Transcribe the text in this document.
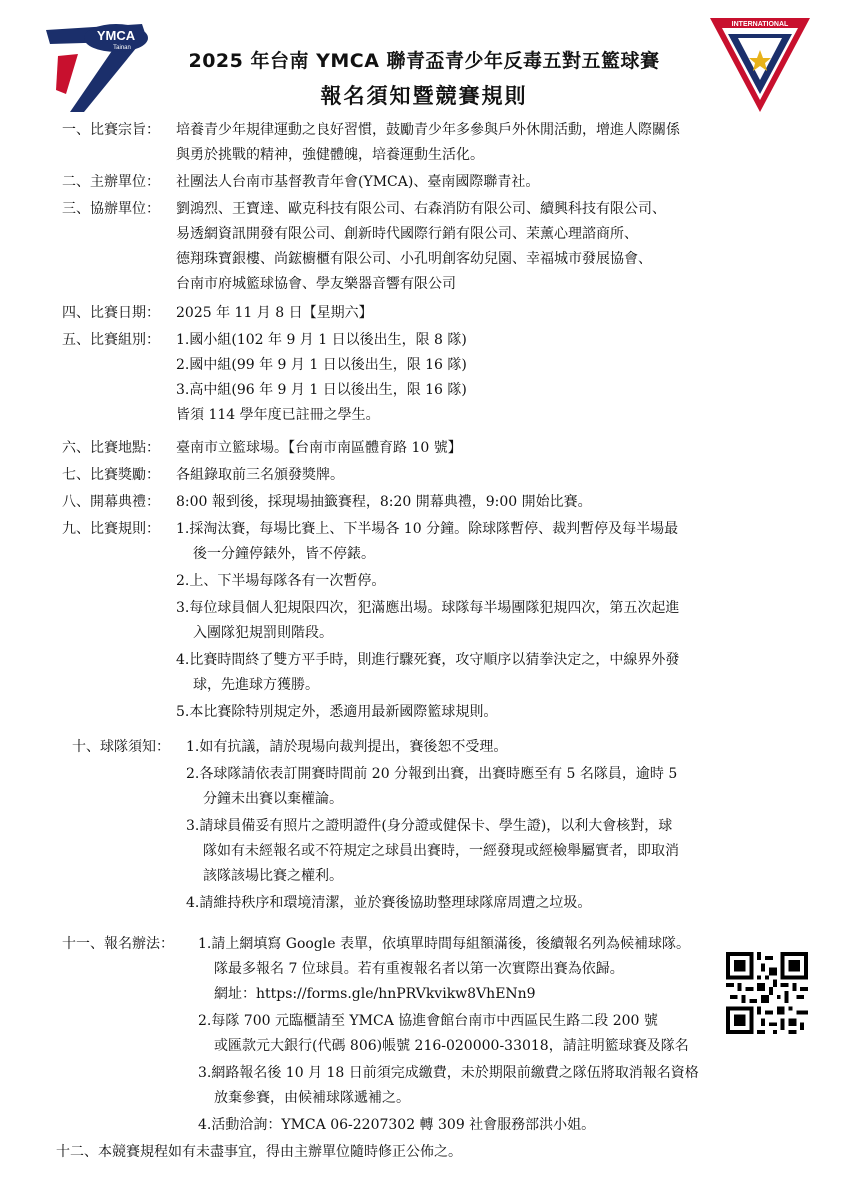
YMCA
Tainan
INTERNATIONAL
2025 年台南 YMCA 聯青盃青少年反毒五對五籃球賽
報名須知暨競賽規則
一、比賽宗旨： 培養青少年規律運動之良好習慣，鼓勵青少年多參與戶外休閒活動，增進人際關係
與勇於挑戰的精神，強健體魄，培養運動生活化。
二、主辦單位： 社團法人台南市基督教青年會(YMCA)、臺南國際聯青社。
三、協辦單位： 劉鴻烈、王寶達、歐克科技有限公司、右森消防有限公司、續興科技有限公司、
易透網資訊開發有限公司、創新時代國際行銷有限公司、茉薰心理諮商所、
德翔珠寶銀樓、尚鋐櫥櫃有限公司、小孔明創客幼兒園、幸福城市發展協會、
台南市府城籃球協會、學友樂器音響有限公司
四、比賽日期： 2025 年 11 月 8 日【星期六】
五、比賽組別： 1.國小組(102 年 9 月 1 日以後出生，限 8 隊)
2.國中組(99 年 9 月 1 日以後出生，限 16 隊)
3.高中組(96 年 9 月 1 日以後出生，限 16 隊)
皆須 114 學年度已註冊之學生。
六、比賽地點： 臺南市立籃球場。【台南市南區體育路 10 號】
七、比賽獎勵： 各組錄取前三名頒發獎牌。
八、開幕典禮： 8:00 報到後，採現場抽籤賽程，8:20 開幕典禮，9:00 開始比賽。
九、比賽規則： 1.採淘汰賽，每場比賽上、下半場各 10 分鐘。除球隊暫停、裁判暫停及每半場最
後一分鐘停錶外，皆不停錶。
2.上、下半場每隊各有一次暫停。
3.每位球員個人犯規限四次，犯滿應出場。球隊每半場團隊犯規四次，第五次起進
入團隊犯規罰則階段。
4.比賽時間終了雙方平手時，則進行驟死賽，攻守順序以猜拳決定之，中線界外發
球，先進球方獲勝。
5.本比賽除特別規定外，悉適用最新國際籃球規則。
十、球隊須知： 1.如有抗議，請於現場向裁判提出，賽後恕不受理。
2.各球隊請依表訂開賽時間前 20 分報到出賽，出賽時應至有 5 名隊員，逾時 5
分鐘未出賽以棄權論。
3.請球員備妥有照片之證明證件(身分證或健保卡、學生證)，以利大會核對，球
隊如有未經報名或不符規定之球員出賽時，一經發現或經檢舉屬實者，即取消
該隊該場比賽之權利。
4.請維持秩序和環境清潔，並於賽後協助整理球隊席周遭之垃圾。
十一、報名辦法： 1.請上網填寫 Google 表單，依填單時間每組額滿後，後續報名列為候補球隊。
隊最多報名 7 位球員。若有重複報名者以第一次實際出賽為依歸。
網址：https://forms.gle/hnPRVkvikw8VhENn9
2.每隊 700 元臨櫃請至 YMCA 協進會館台南市中西區民生路二段 200 號
或匯款元大銀行(代碼 806)帳號 216-020000-33018，請註明籃球賽及隊名
3.網路報名後 10 月 18 日前須完成繳費，未於期限前繳費之隊伍將取消報名資格
放棄參賽，由候補球隊遞補之。
4.活動洽詢：YMCA 06-2207302 轉 309 社會服務部洪小姐。
十二、本競賽規程如有未盡事宜，得由主辦單位隨時修正公佈之。
